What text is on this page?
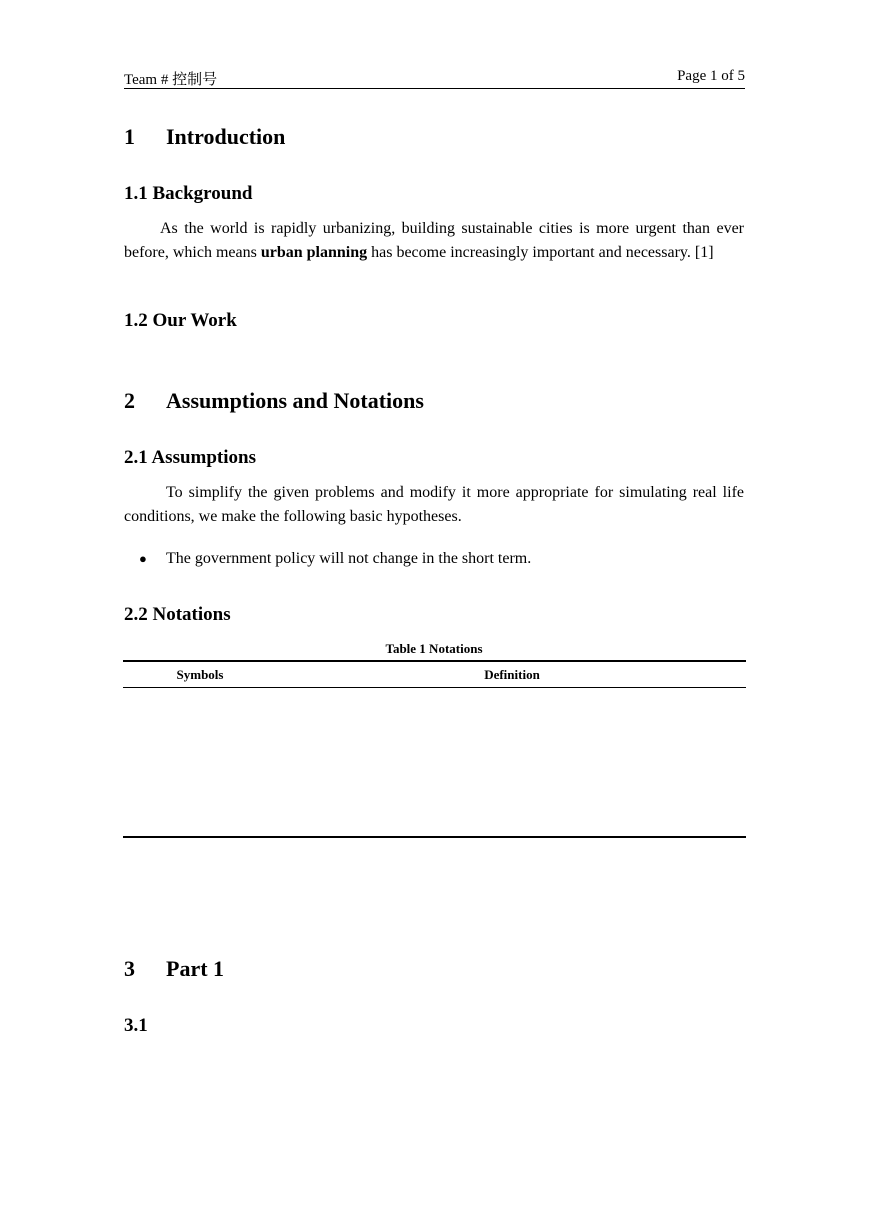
Team # 控制号	Page 1 of 5
1 Introduction
1.1 Background
As the world is rapidly urbanizing, building sustainable cities is more urgent than ever before, which means urban planning has become increasingly important and necessary. [1]
1.2 Our Work
2 Assumptions and Notations
2.1 Assumptions
To simplify the given problems and modify it more appropriate for simulating real life conditions, we make the following basic hypotheses.
● The government policy will not change in the short term.
2.2 Notations
Table 1 Notations
Symbols	Definition
3 Part 1
3.1
